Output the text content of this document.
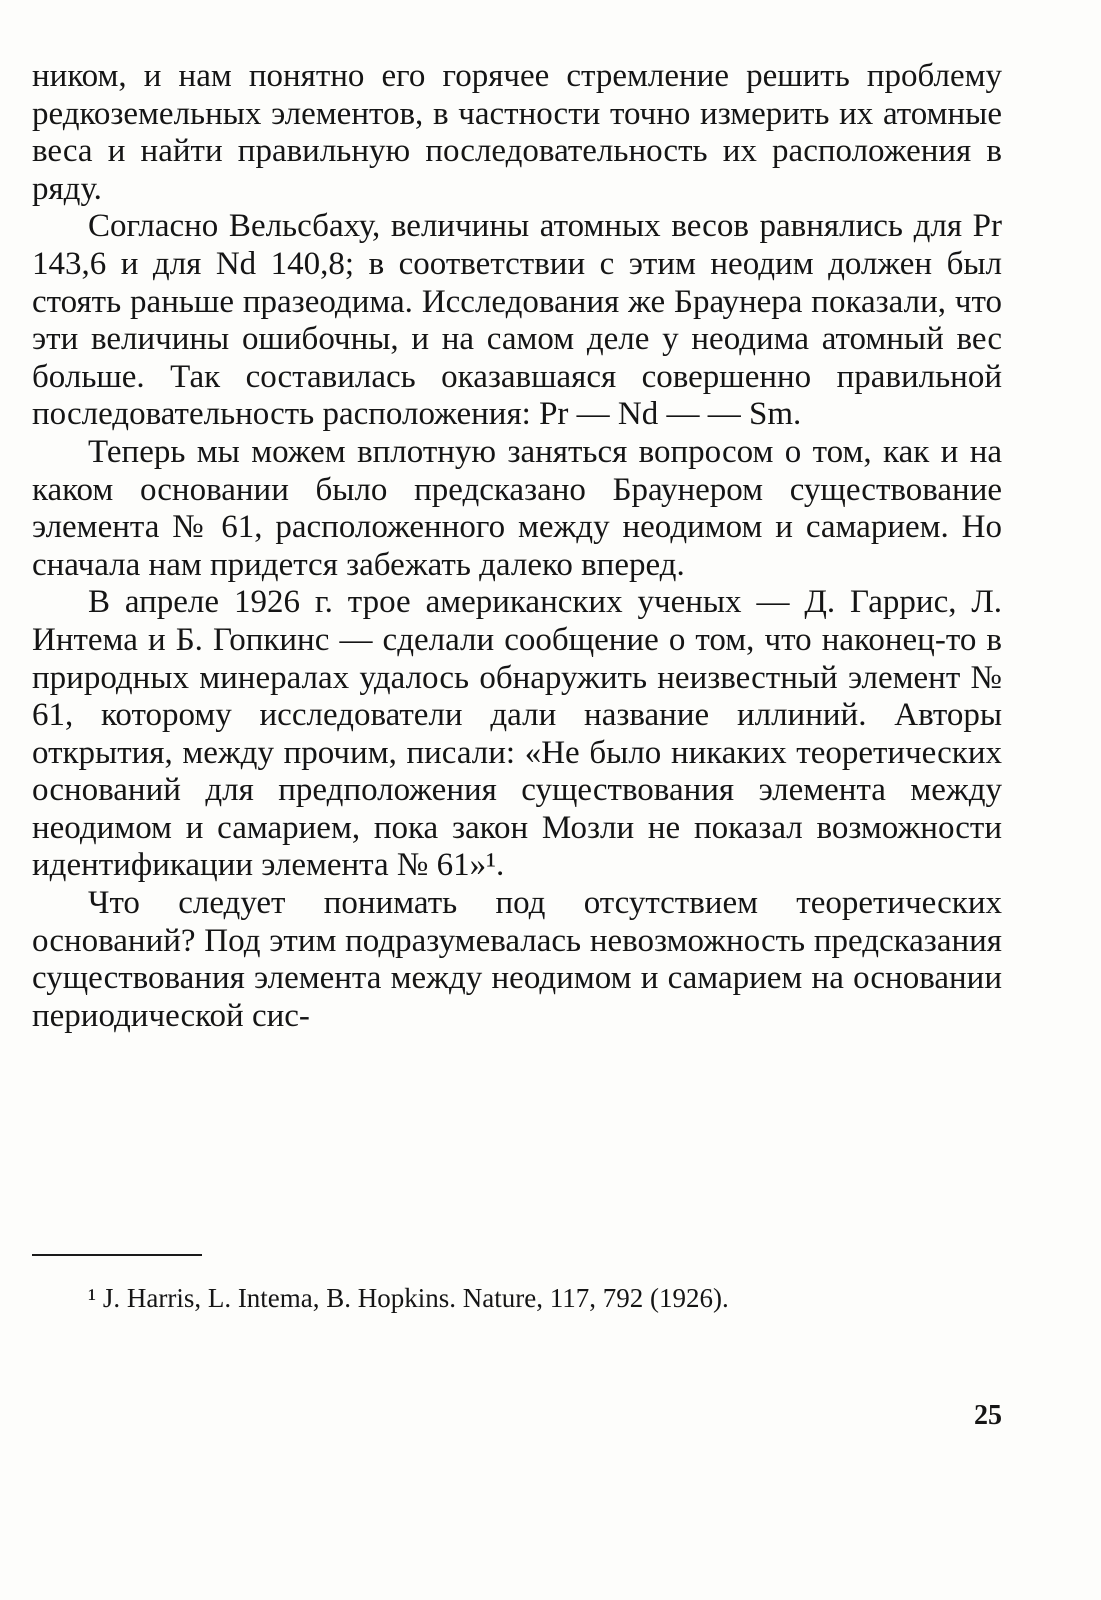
ником, и нам понятно его горячее стремление решить проблему редкоземельных элементов, в частности точно измерить их атомные веса и найти правильную последовательность их расположения в ряду.

Согласно Вельсбаху, величины атомных весов равнялись для Pr 143,6 и для Nd 140,8; в соответствии с этим неодим должен был стоять раньше празеодима. Исследования же Браунера показали, что эти величины ошибочны, и на самом деле у неодима атомный вес больше. Так составилась оказавшаяся совершенно правильной последовательность расположения: Pr — Nd — — Sm.

Теперь мы можем вплотную заняться вопросом о том, как и на каком основании было предсказано Браунером существование элемента № 61, расположенного между неодимом и самарием. Но сначала нам придется забежать далеко вперед.

В апреле 1926 г. трое американских ученых — Д. Гаррис, Л. Интема и Б. Гопкинс — сделали сообщение о том, что наконец-то в природных минералах удалось обнаружить неизвестный элемент № 61, которому исследователи дали название иллиний. Авторы открытия, между прочим, писали: «Не было никаких теоретических оснований для предположения существования элемента между неодимом и самарием, пока закон Мозли не показал возможности идентификации элемента № 61»¹.

Что следует понимать под отсутствием теоретических оснований? Под этим подразумевалась невозможность предсказания существования элемента между неодимом и самарием на основании периодической сис-

¹ J. Harris, L. Intema, B. Hopkins. Nature, 117, 792 (1926).

25
